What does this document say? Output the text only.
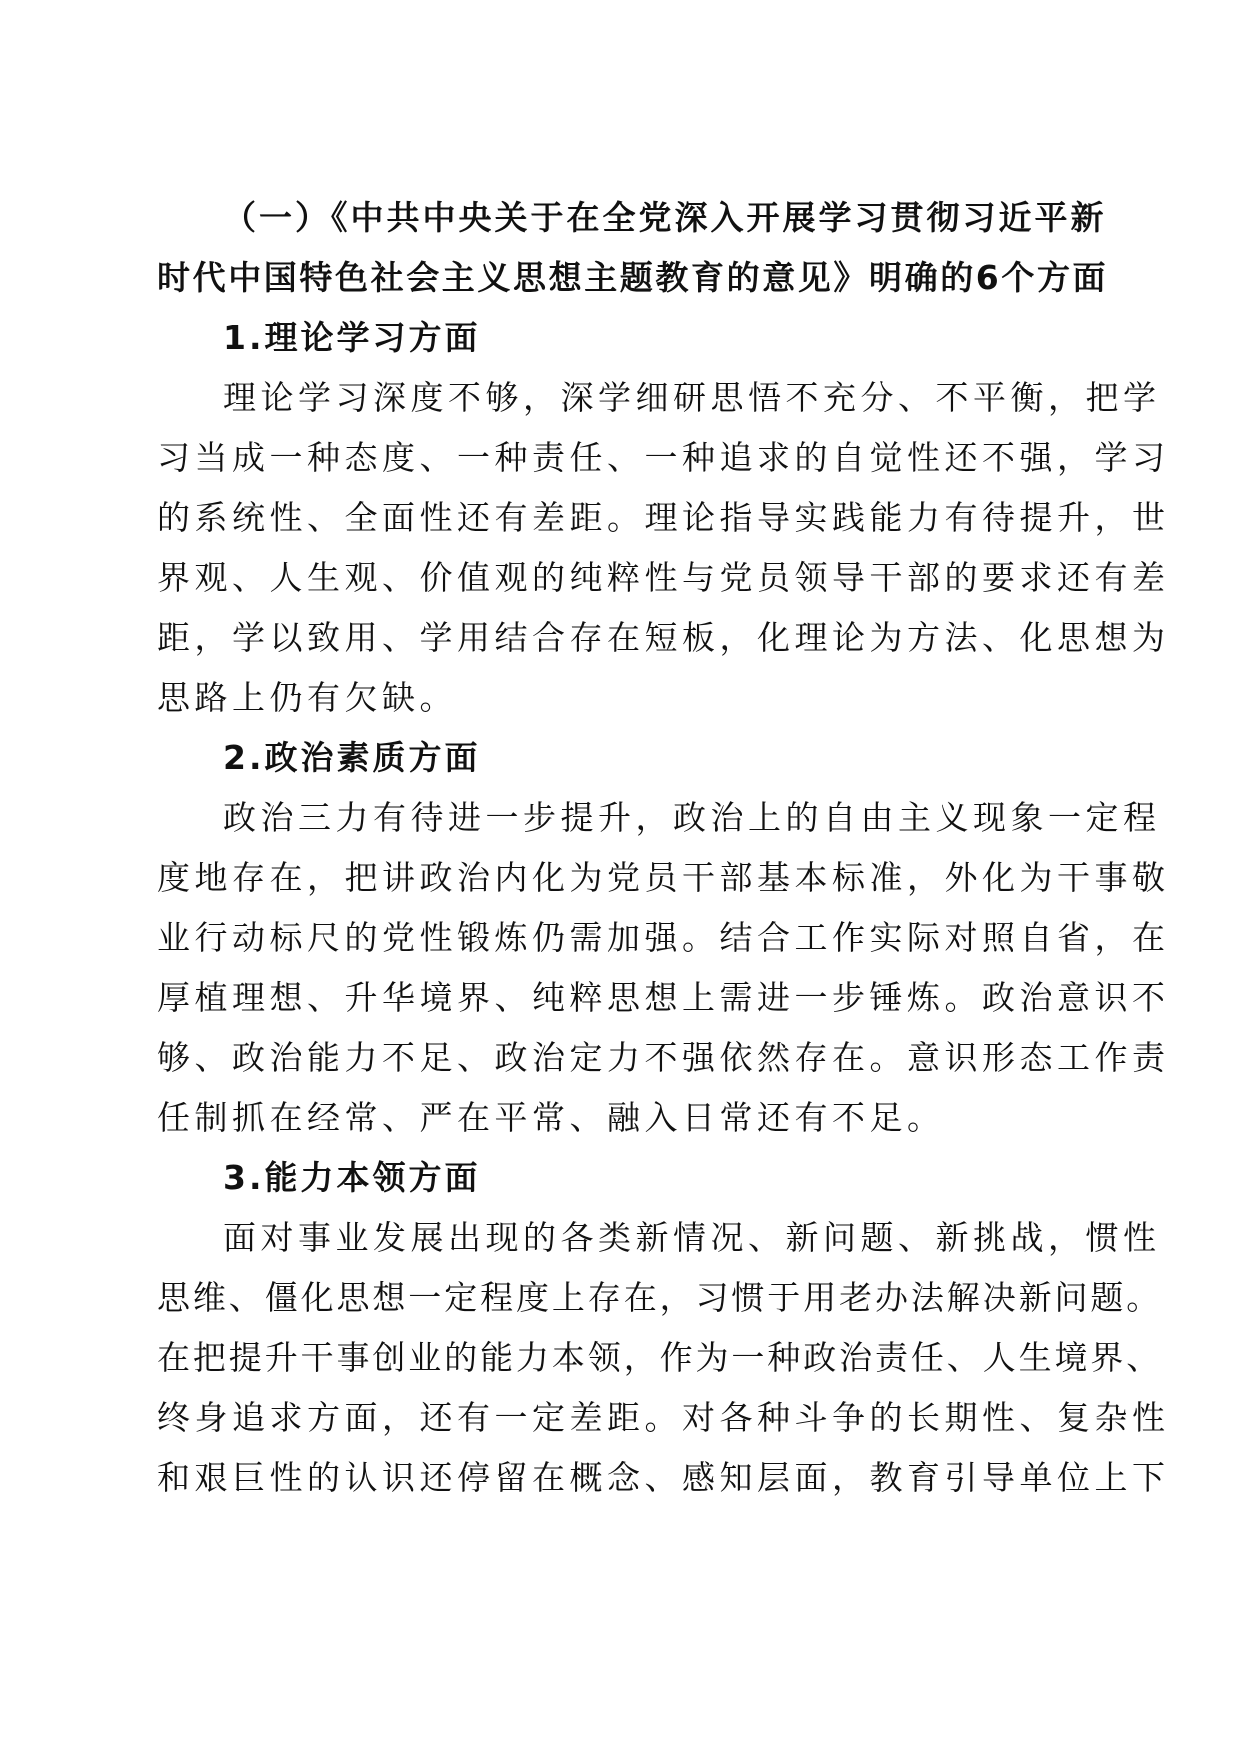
（一）《中共中央关于在全党深入开展学习贯彻习近平新
时代中国特色社会主义思想主题教育的意见》明确的6个方面
1.理论学习方面
理论学习深度不够，深学细研思悟不充分、不平衡，把学
习当成一种态度、一种责任、一种追求的自觉性还不强，学习
的系统性、全面性还有差距。理论指导实践能力有待提升，世
界观、人生观、价值观的纯粹性与党员领导干部的要求还有差
距，学以致用、学用结合存在短板，化理论为方法、化思想为
思路上仍有欠缺。
2.政治素质方面
政治三力有待进一步提升，政治上的自由主义现象一定程
度地存在，把讲政治内化为党员干部基本标准，外化为干事敬
业行动标尺的党性锻炼仍需加强。结合工作实际对照自省，在
厚植理想、升华境界、纯粹思想上需进一步锤炼。政治意识不
够、政治能力不足、政治定力不强依然存在。意识形态工作责
任制抓在经常、严在平常、融入日常还有不足。
3.能力本领方面
面对事业发展出现的各类新情况、新问题、新挑战，惯性
思维、僵化思想一定程度上存在，习惯于用老办法解决新问题。
在把提升干事创业的能力本领，作为一种政治责任、人生境界、
终身追求方面，还有一定差距。对各种斗争的长期性、复杂性
和艰巨性的认识还停留在概念、感知层面，教育引导单位上下
